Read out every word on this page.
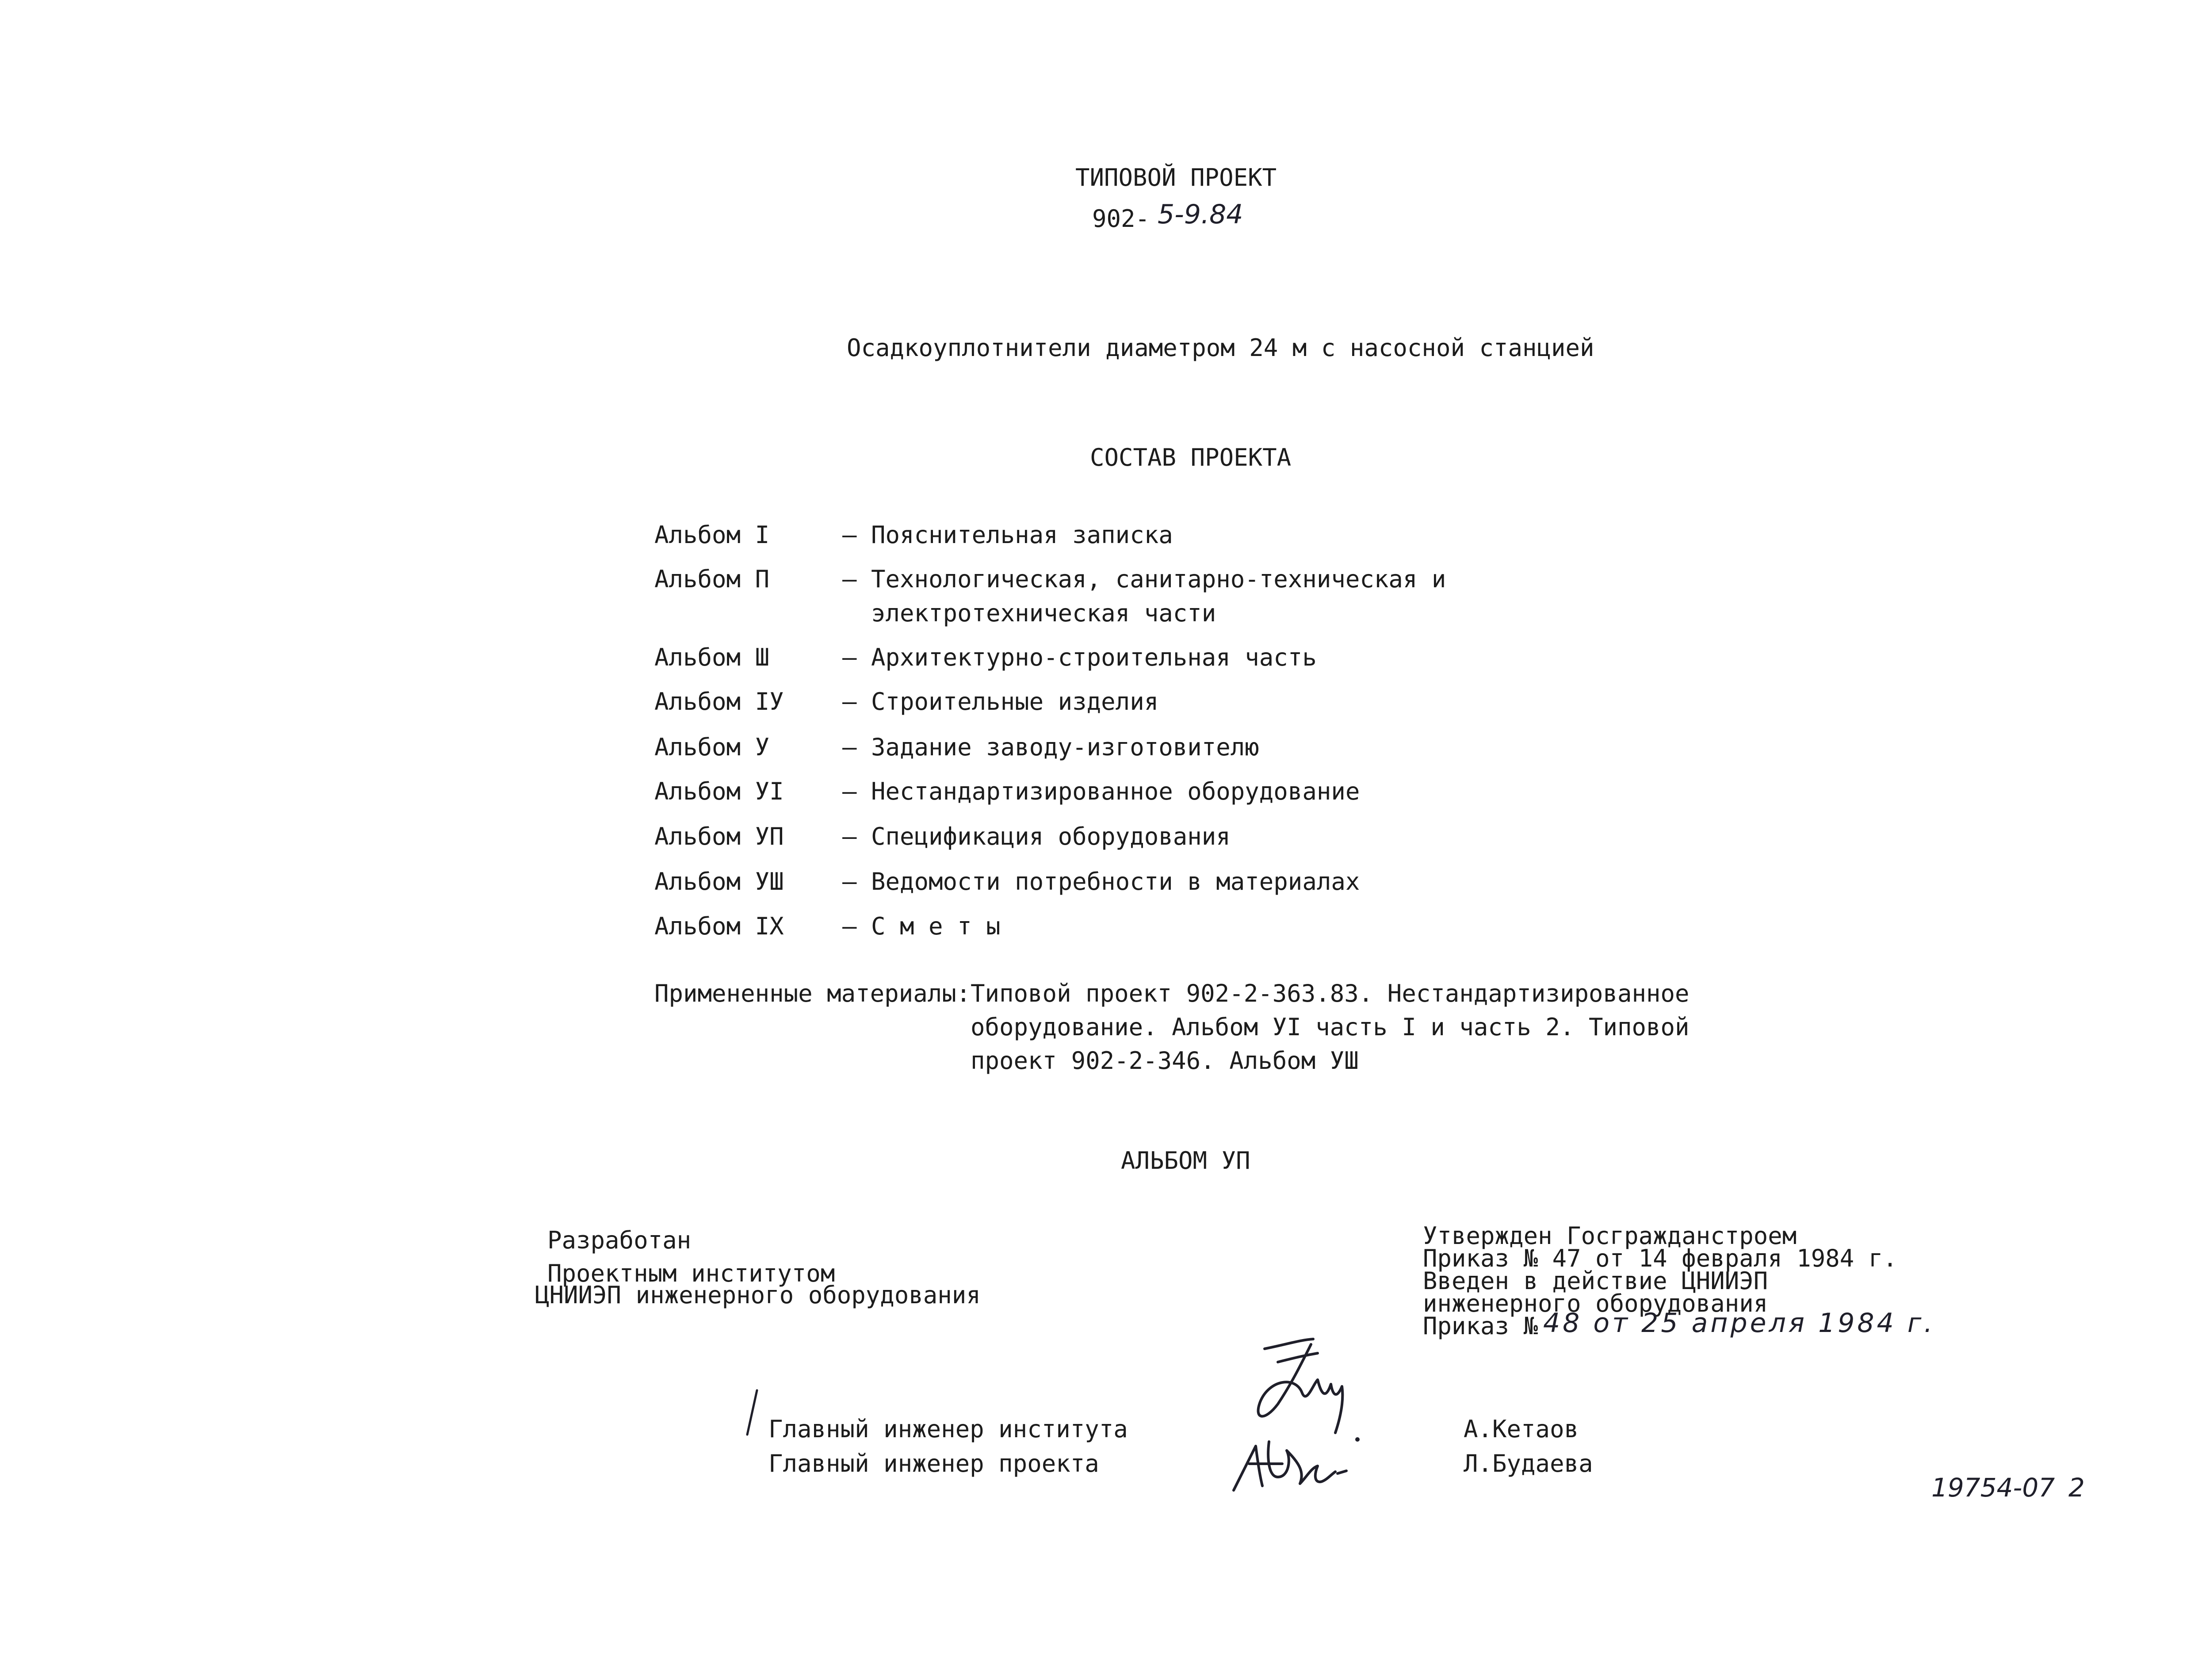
ТИПОВОЙ ПРОЕКТ
902- 5-9.84
Осадкоуплотнители диаметром 24 м с насосной станцией
СОСТАВ ПРОЕКТА
Альбом I	– Пояснительная записка
Альбом П	– Технологическая, санитарно-техническая и
электротехническая части
Альбом Ш	– Архитектурно-строительная часть
Альбом IУ – Строительные изделия
Альбом У	– Задание заводу-изготовителю
Альбом УI – Нестандартизированное оборудование
Альбом УП – Спецификация оборудования
Альбом УШ – Ведомости потребности в материалах
Альбом IX – С м е т ы
Примененные материалы: Типовой проект 902-2-363.83. Нестандартизированное
оборудование. Альбом УI часть I и часть 2. Типовой
проект 902-2-346. Альбом УШ
АЛЬБОМ УП
Разработан
Проектным институтом
ЦНИИЭП инженерного оборудования
Утвержден Госгражданстроем
Приказ № 47 от 14 февраля 1984 г.
Введен в действие ЦНИИЭП
инженерного оборудования
Приказ № 48 от 25 апреля 1984 г.
Главный инженер института
Главный инженер проекта
А.Кетаов
Л.Будаева
19754-07 2
